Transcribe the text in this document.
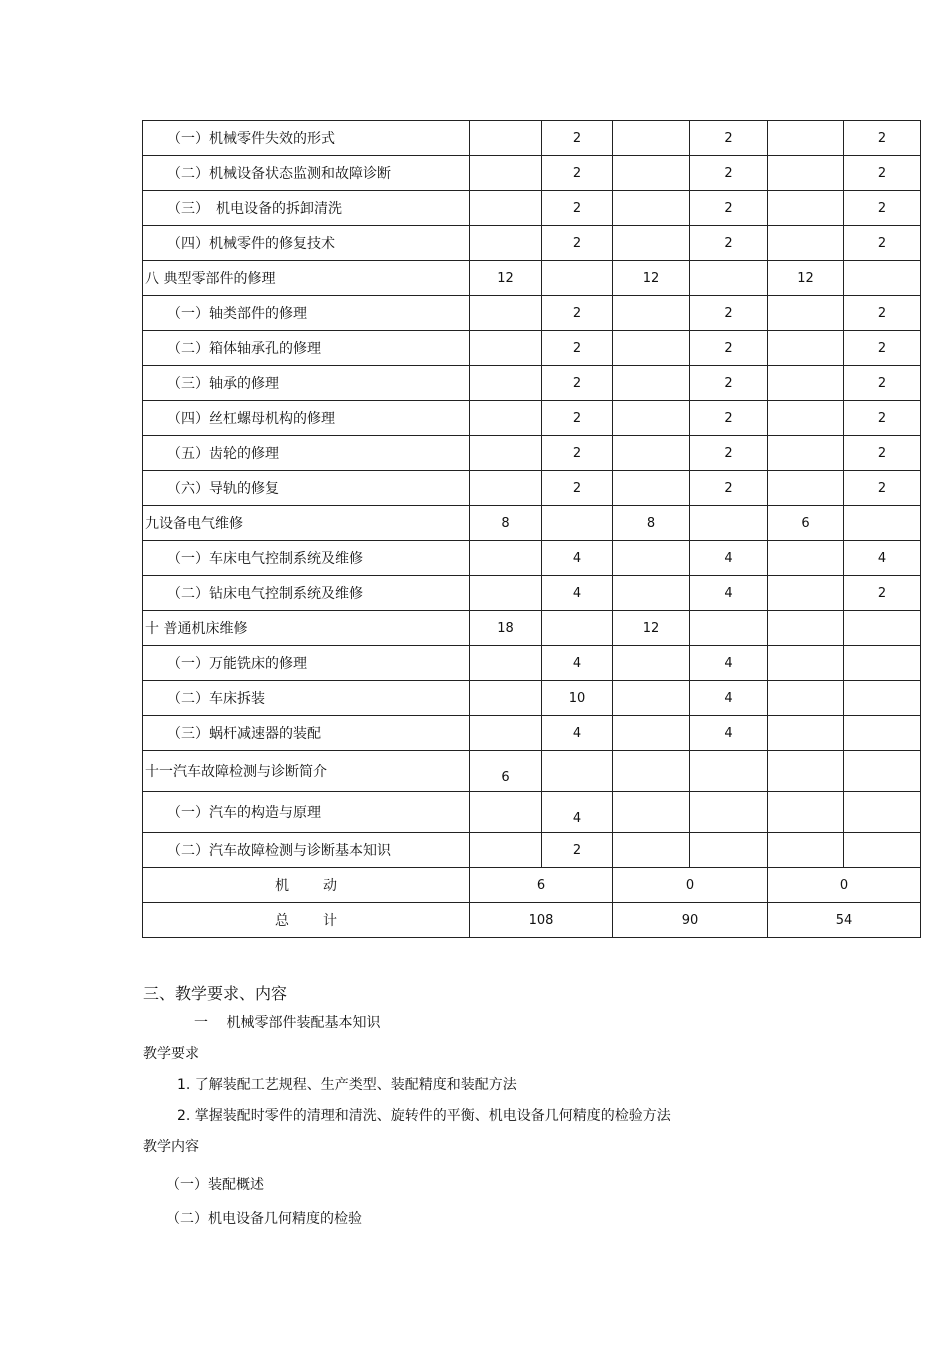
（一）机械零件失效的形式		2		2		2
（二）机械设备状态监测和故障诊断		2		2		2
（三）　机电设备的拆卸清洗		2		2		2
（四）机械零件的修复技术		2		2		2
八 典型零部件的修理	12		12		12	
（一）轴类部件的修理		2		2		2
（二）箱体轴承孔的修理		2		2		2
（三）轴承的修理		2		2		2
（四）丝杠螺母机构的修理		2		2		2
（五）齿轮的修理		2		2		2
（六）导轨的修复		2		2		2
九设备电气维修	8		8		6	
（一）车床电气控制系统及维修		4		4		4
（二）钻床电气控制系统及维修		4		4		2
十 普通机床维修	18		12			
（一）万能铣床的修理		4		4		
（二）车床拆装		10		4		
（三）蜗杆减速器的装配		4		4		
十一汽车故障检测与诊断简介	6					
（一）汽车的构造与原理		4				
（二）汽车故障检测与诊断基本知识		2				
机 动	6		0		0	
总 计	108		90		54	
三、教学要求、内容
一　 机械零部件装配基本知识
教学要求
1. 了解装配工艺规程、生产类型、装配精度和装配方法
2. 掌握装配时零件的清理和清洗、旋转件的平衡、机电设备几何精度的检验方法
教学内容
（一）装配概述
（二）机电设备几何精度的检验
